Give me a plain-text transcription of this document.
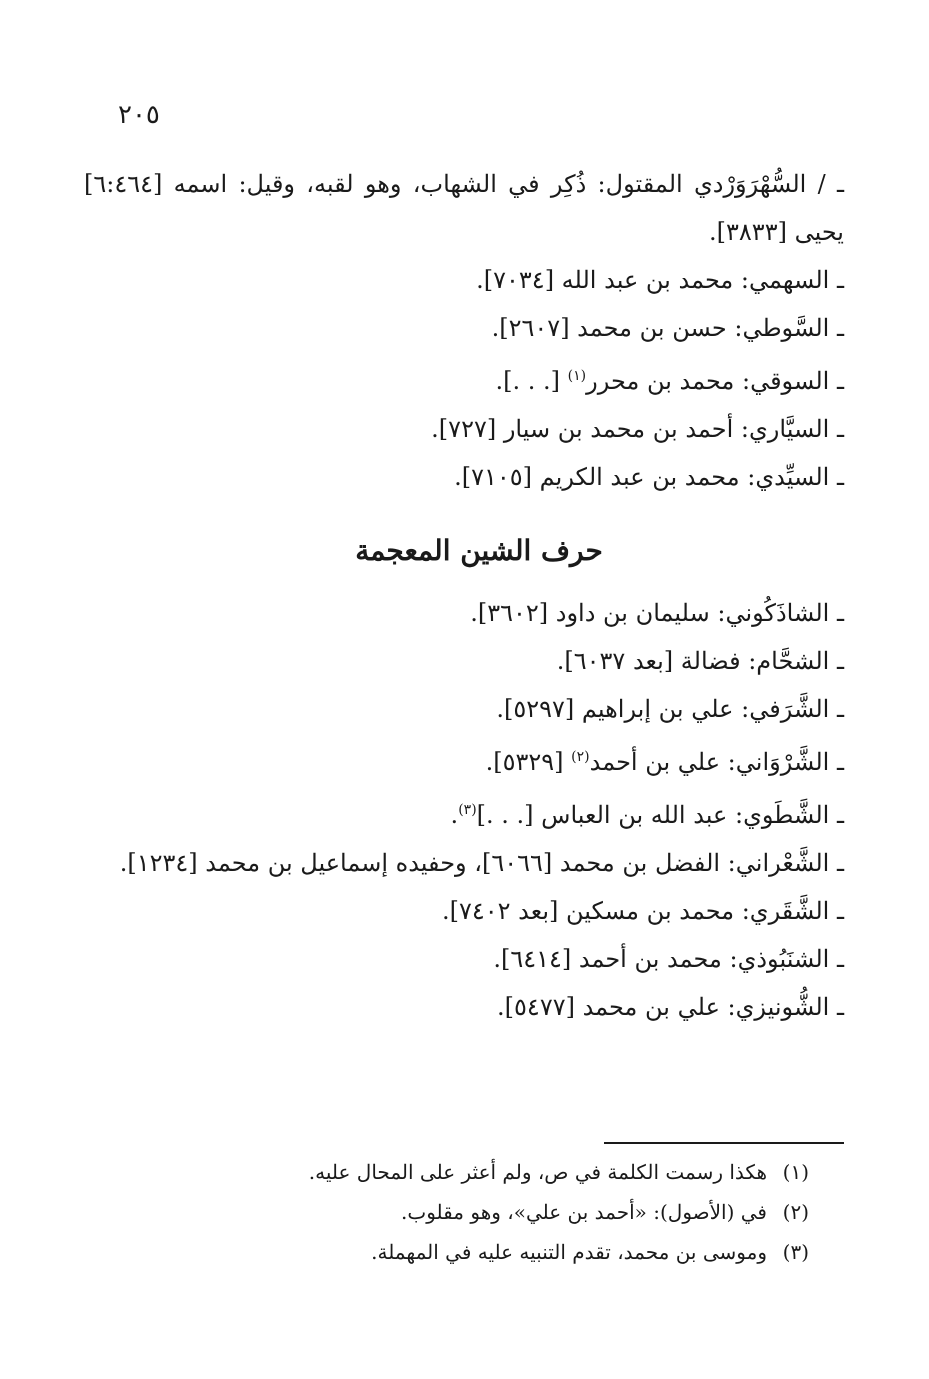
٢٠٥

ـ / السُّهْرَوَرْدي المقتول: ذُكِر في الشهاب، وهو لقبه، وقيل: اسمه [٦:٤٦٤] يحيى [٣٨٣٣].

ـ السهمي: محمد بن عبد الله [٧٠٣٤].

ـ السَّوطي: حسن بن محمد [٢٦٠٧].

ـ السوقي: محمد بن محرر$^{(١)}$ [. . .].

ـ السيَّاري: أحمد بن محمد بن سيار [٧٢٧].

ـ السيِّدي: محمد بن عبد الكريم [٧١٠٥].

حرف الشين المعجمة

ـ الشاذَكُوني: سليمان بن داود [٣٦٠٢].

ـ الشحَّام: فضالة [بعد ٦٠٣٧].

ـ الشَّرَفي: علي بن إبراهيم [٥٢٩٧].

ـ الشَّرْوَاني: علي بن أحمد$^{(٢)}$ [٥٣٢٩].

ـ الشَّطَوي: عبد الله بن العباس [. . .]$^{(٣)}$.

ـ الشَّعْراني: الفضل بن محمد [٦٠٦٦]، وحفيده إسماعيل بن محمد [١٢٣٤].

ـ الشَّقَري: محمد بن مسكين [بعد ٧٤٠٢].

ـ الشنَبُوذي: محمد بن أحمد [٦٤١٤].

ـ الشُّونيزي: علي بن محمد [٥٤٧٧].

(١)هكذا رسمت الكلمة في ص، ولم أعثر على المحال عليه.
(٢)في (الأصول): «أحمد بن علي»، وهو مقلوب.
(٣)وموسى بن محمد، تقدم التنبيه عليه في المهملة.
